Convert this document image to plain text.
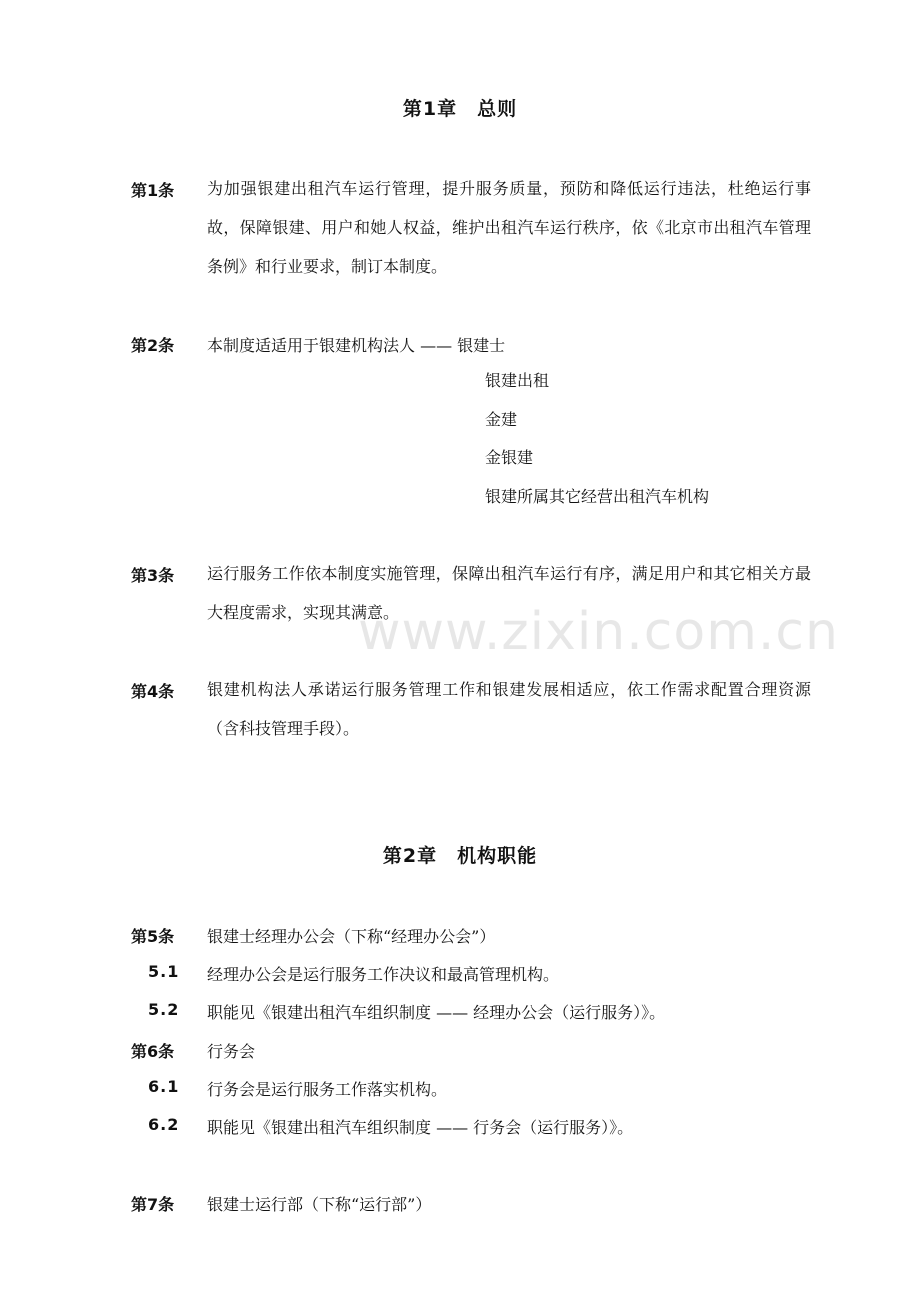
第1章　总则
第1条 为加强银建出租汽车运行管理，提升服务质量，预防和降低运行违法，杜绝运行事故，保障银建、用户和她人权益，维护出租汽车运行秩序，依《北京市出租汽车管理条例》和行业要求，制订本制度。
第2条 本制度适适用于银建机构法人 —— 银建士
银建出租
金建
金银建
银建所属其它经营出租汽车机构
第3条 运行服务工作依本制度实施管理，保障出租汽车运行有序，满足用户和其它相关方最大程度需求，实现其满意。
第4条 银建机构法人承诺运行服务管理工作和银建发展相适应，依工作需求配置合理资源（含科技管理手段）。
第2章　机构职能
第5条 银建士经理办公会（下称“经理办公会”）
5.1 经理办公会是运行服务工作决议和最高管理机构。
5.2 职能见《银建出租汽车组织制度 —— 经理办公会（运行服务）》。
第6条 行务会
6.1 行务会是运行服务工作落实机构。
6.2 职能见《银建出租汽车组织制度 —— 行务会（运行服务）》。
第7条 银建士运行部（下称“运行部”）
www.zixin.com.cn
